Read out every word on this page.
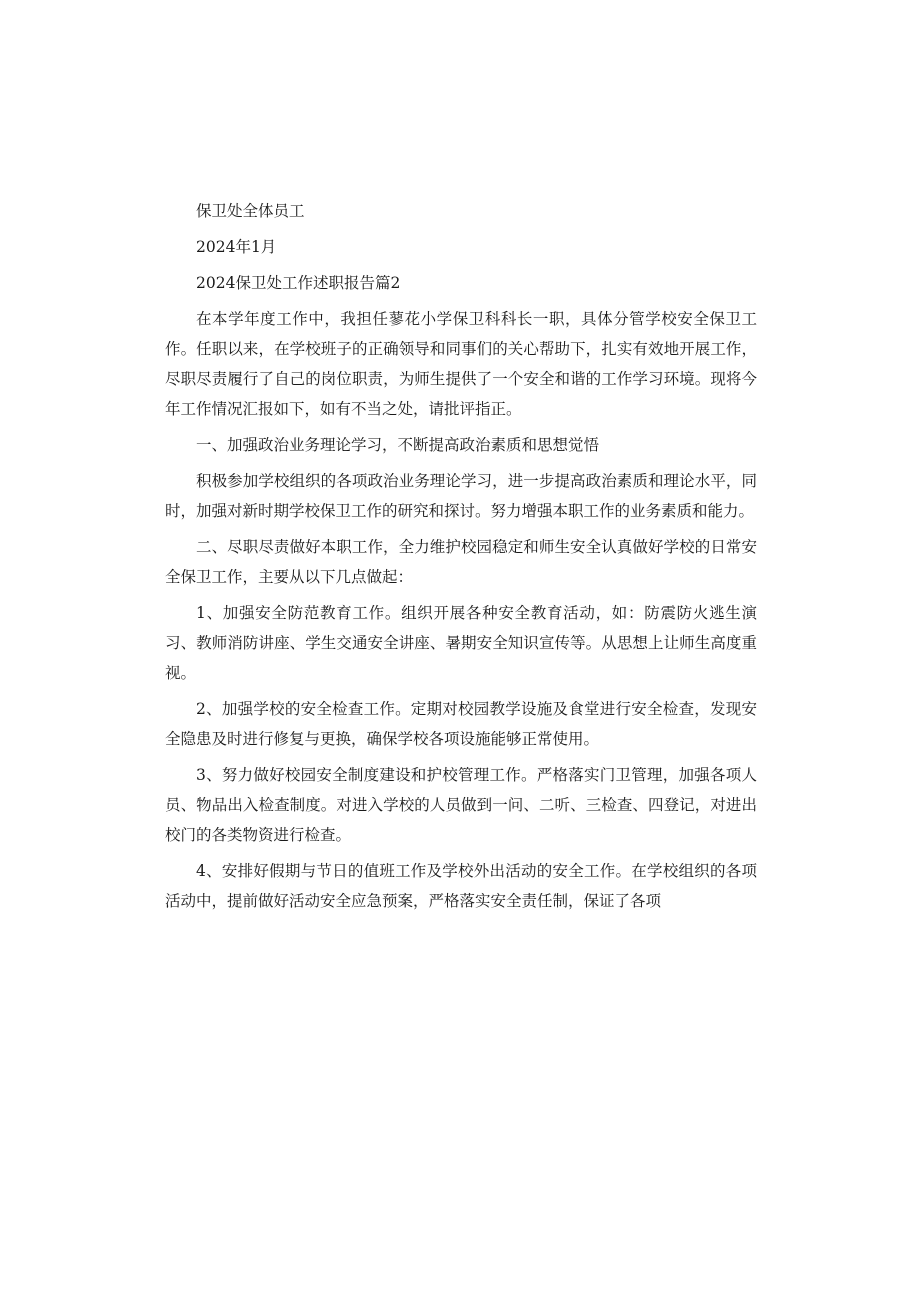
保卫处全体员工

2024年1月

2024保卫处工作述职报告篇2

在本学年度工作中，我担任蓼花小学保卫科科长一职，具体分管学校安全保卫工作。任职以来，在学校班子的正确领导和同事们的关心帮助下，扎实有效地开展工作，尽职尽责履行了自己的岗位职责，为师生提供了一个安全和谐的工作学习环境。现将今年工作情况汇报如下，如有不当之处，请批评指正。

一、加强政治业务理论学习，不断提高政治素质和思想觉悟

积极参加学校组织的各项政治业务理论学习，进一步提高政治素质和理论水平，同时，加强对新时期学校保卫工作的研究和探讨。努力增强本职工作的业务素质和能力。

二、尽职尽责做好本职工作，全力维护校园稳定和师生安全认真做好学校的日常安全保卫工作，主要从以下几点做起：

1、加强安全防范教育工作。组织开展各种安全教育活动，如：防震防火逃生演习、教师消防讲座、学生交通安全讲座、暑期安全知识宣传等。从思想上让师生高度重视。

2、加强学校的安全检查工作。定期对校园教学设施及食堂进行安全检查，发现安全隐患及时进行修复与更换，确保学校各项设施能够正常使用。

3、努力做好校园安全制度建设和护校管理工作。严格落实门卫管理，加强各项人员、物品出入检查制度。对进入学校的人员做到一问、二听、三检查、四登记，对进出校门的各类物资进行检查。

4、安排好假期与节日的值班工作及学校外出活动的安全工作。在学校组织的各项活动中，提前做好活动安全应急预案，严格落实安全责任制，保证了各项
